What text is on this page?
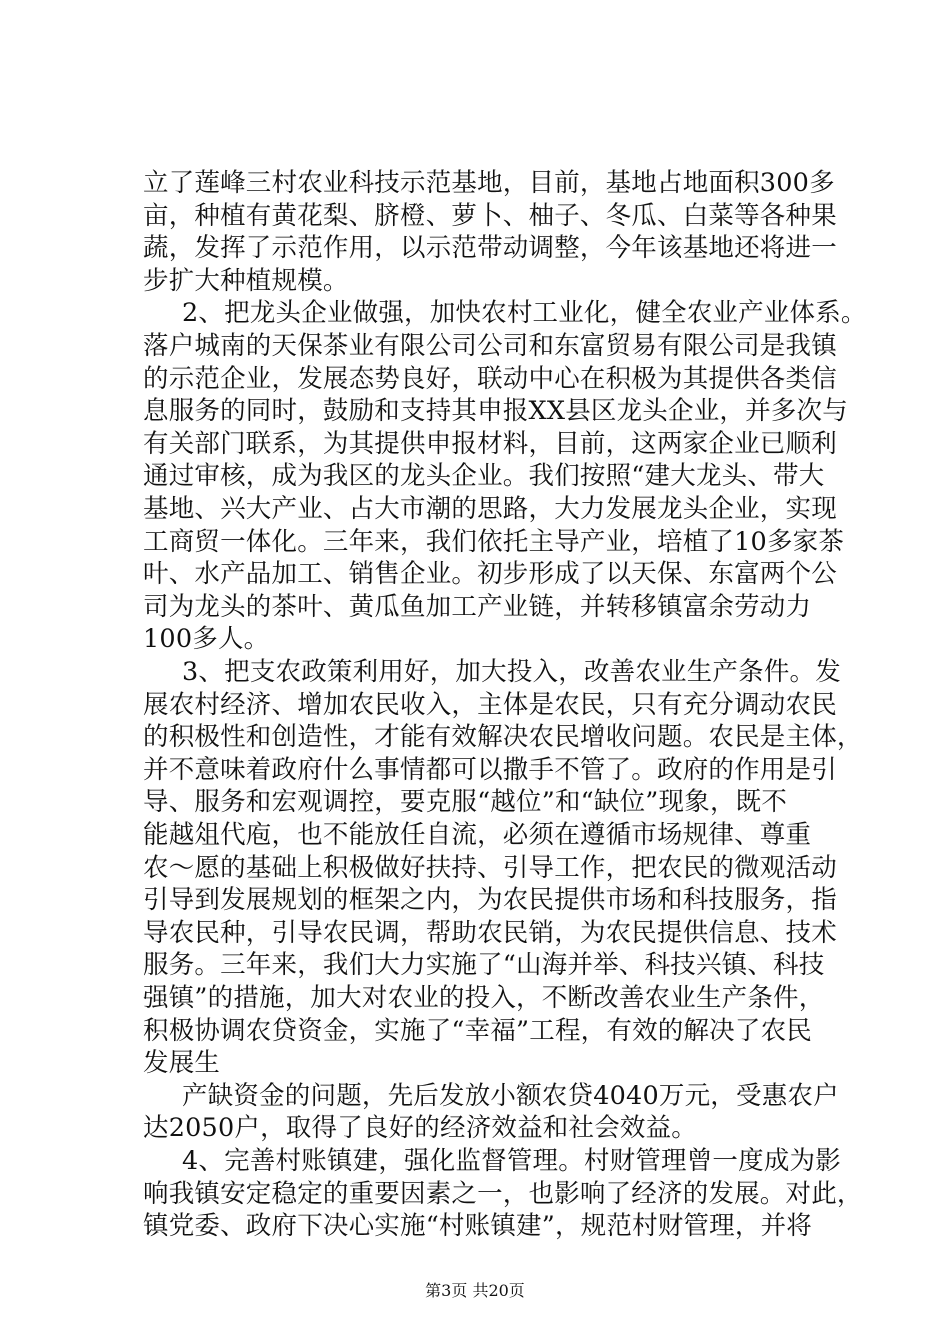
立了莲峰三村农业科技示范基地，目前，基地占地面积300多
亩，种植有黄花梨、脐橙、萝卜、柚子、冬瓜、白菜等各种果
蔬，发挥了示范作用，以示范带动调整，今年该基地还将进一
步扩大种植规模。
2、把龙头企业做强，加快农村工业化，健全农业产业体系。
落户城南的天保茶业有限公司公司和东富贸易有限公司是我镇
的示范企业，发展态势良好，联动中心在积极为其提供各类信
息服务的同时，鼓励和支持其申报XX县区龙头企业，并多次与
有关部门联系，为其提供申报材料，目前，这两家企业已顺利
通过审核，成为我区的龙头企业。我们按照“建大龙头、带大
基地、兴大产业、占大市潮的思路，大力发展龙头企业，实现
工商贸一体化。三年来，我们依托主导产业，培植了10多家茶
叶、水产品加工、销售企业。初步形成了以天保、东富两个公
司为龙头的茶叶、黄瓜鱼加工产业链，并转移镇富余劳动力
100多人。
3、把支农政策利用好，加大投入，改善农业生产条件。发
展农村经济、增加农民收入，主体是农民，只有充分调动农民
的积极性和创造性，才能有效解决农民增收问题。农民是主体，
并不意味着政府什么事情都可以撒手不管了。政府的作用是引
导、服务和宏观调控，要克服“越位”和“缺位”现象，既不
能越俎代庖，也不能放任自流，必须在遵循市场规律、尊重
农～愿的基础上积极做好扶持、引导工作，把农民的微观活动
引导到发展规划的框架之内，为农民提供市场和科技服务，指
导农民种，引导农民调，帮助农民销，为农民提供信息、技术
服务。三年来，我们大力实施了“山海并举、科技兴镇、科技
强镇”的措施，加大对农业的投入，不断改善农业生产条件，
积极协调农贷资金，实施了“幸福”工程，有效的解决了农民
发展生
产缺资金的问题，先后发放小额农贷4040万元，受惠农户
达2050户，取得了良好的经济效益和社会效益。
4、完善村账镇建，强化监督管理。村财管理曾一度成为影
响我镇安定稳定的重要因素之一，也影响了经济的发展。对此，
镇党委、政府下决心实施“村账镇建”，规范村财管理，并将
第3页 共20页
